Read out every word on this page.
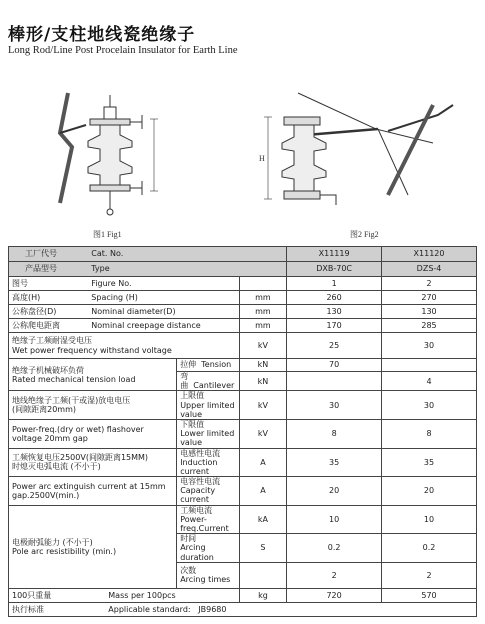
棒形/支柱地线瓷绝缘子
Long Rod/Line Post Procelain Insulator for Earth Line
图1 Fig1
H
图2 Fig2
工厂代号	Cat. No.			X11119	X11120
产品型号	Type			DXB-70C	DZS-4
图号	Figure No.			1	2
高度(H)	Spacing (H)		mm	260	270
公称盘径(D)	Nominal diameter(D)		mm	130	130
公称爬电距离	Nominal creepage distance		mm	170	285

绝缘子工频耐湿受电压
Wet power frequency withstand voltage			kV	25	30

绝缘子机械破坏负荷
Rated mechanical tension load		拉伸 Tension	kN	70	
		弯曲 Cantilever	kN		4

地线绝缘子工频(干或湿)放电电压
(间隙距离20mm)		上限值
Upper limited value	kV	30	30

Power-freq.(dry or wet) flashover
voltage 20mm gap		下限值
Lower limited value	kV	8	8

工频恢复电压2500V(间隙距离15MM)
时熄灭电弧电流 (不小于)		电感性电流
Induction current	A	35	35

Power arc extinguish current at 15mm
gap.2500V(min.)		电容性电流
Capacity current	A	20	20

电极耐弧能力 (不小于)
Pole arc resistibility (min.)		工频电流
Power-freq.Current	kA	10	10

		时间
Arcing duration	S	0.2	0.2

		次数
Arcing times		2	2
100只重量	Mass per 100pcs		kg	720	570
执行标准	Applicable standard: JB9680				
